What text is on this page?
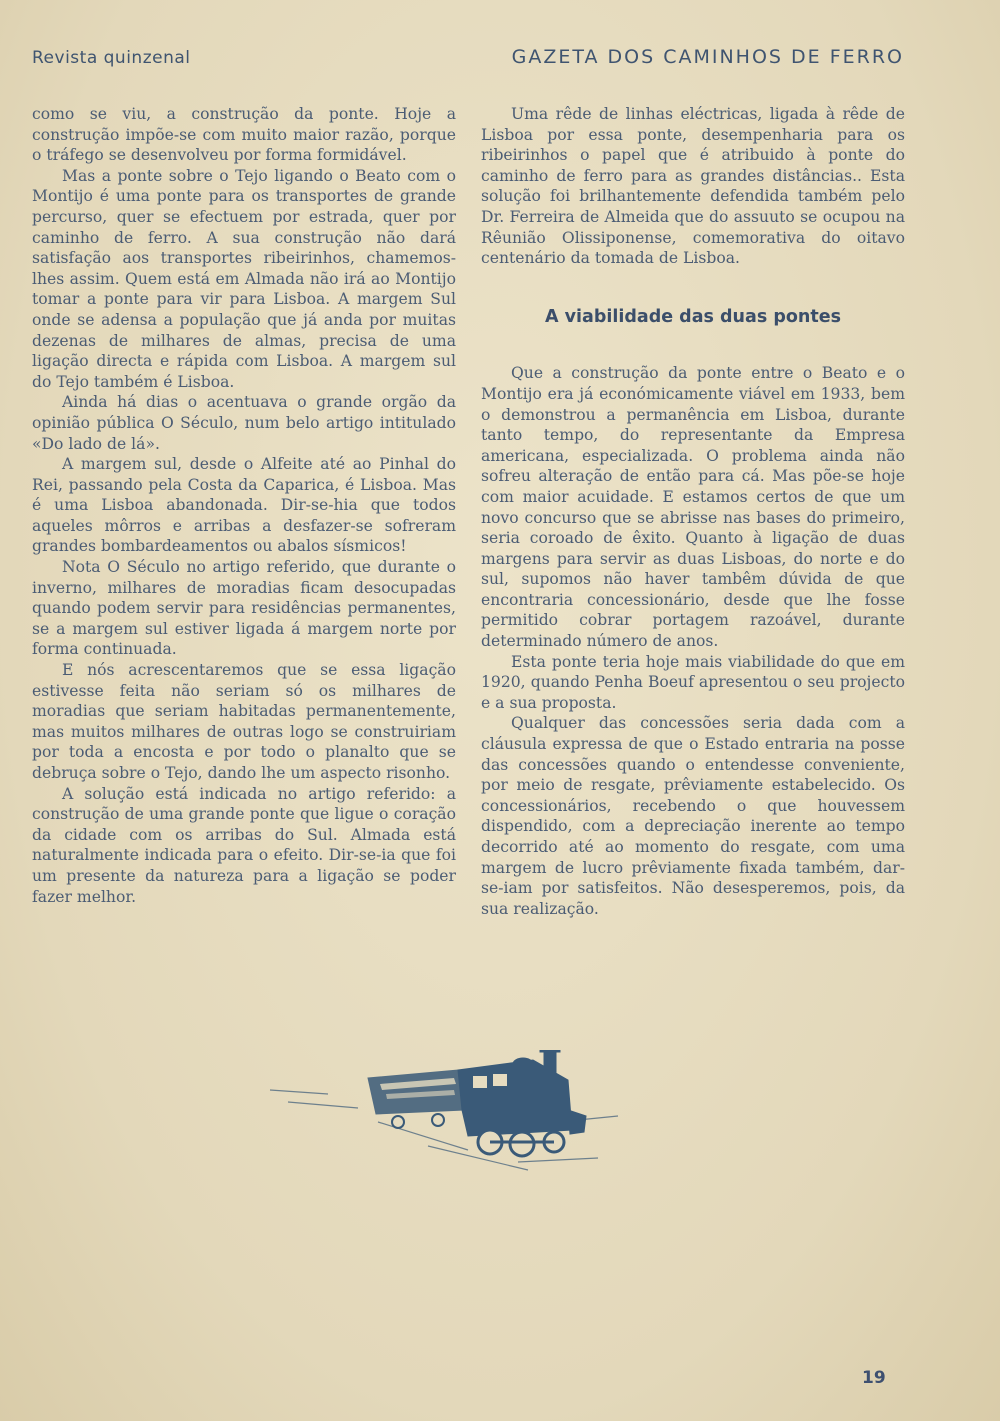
Revista quinzenal	GAZETA DOS CAMINHOS DE FERRO

como se viu, a construção da ponte. Hoje a construção impõe-se com muito maior razão, porque o tráfego se desenvolveu por forma formidável.

Mas a ponte sobre o Tejo ligando o Beato com o Montijo é uma ponte para os transportes de grande percurso, quer se efectuem por estrada, quer por caminho de ferro. A sua construção não dará satisfação aos transportes ribeirinhos, chamemos-lhes assim. Quem está em Almada não irá ao Montijo tomar a ponte para vir para Lisboa. A margem Sul onde se adensa a população que já anda por muitas dezenas de milhares de almas, precisa de uma ligação directa e rápida com Lisboa. A margem sul do Tejo também é Lisboa.

Ainda há dias o acentuava o grande orgão da opinião pública O Século, num belo artigo intitulado «Do lado de lá».

A margem sul, desde o Alfeite até ao Pinhal do Rei, passando pela Costa da Caparica, é Lisboa. Mas é uma Lisboa abandonada. Dir-se-hia que todos aqueles môrros e arribas a desfazer-se sofreram grandes bombardeamentos ou abalos sísmicos!

Nota O Século no artigo referido, que durante o inverno, milhares de moradias ficam desocupadas quando podem servir para residências permanentes, se a margem sul estiver ligada á margem norte por forma continuada.

E nós acrescentaremos que se essa ligação estivesse feita não seriam só os milhares de moradias que seriam habitadas permanentemente, mas muitos milhares de outras logo se construiriam por toda a encosta e por todo o planalto que se debruça sobre o Tejo, dando lhe um aspecto risonho.

A solução está indicada no artigo referido: a construção de uma grande ponte que ligue o coração da cidade com os arribas do Sul. Almada está naturalmente indicada para o efeito. Dir-se-ia que foi um presente da natureza para a ligação se poder fazer melhor.

Uma rêde de linhas eléctricas, ligada à rêde de Lisboa por essa ponte, desempenharia para os ribeirinhos o papel que é atribuido à ponte do caminho de ferro para as grandes distâncias.. Esta solução foi brilhantemente defendida também pelo Dr. Ferreira de Almeida que do assuuto se ocupou na Rêunião Olissiponense, comemorativa do oitavo centenário da tomada de Lisboa.

A viabilidade das duas pontes

Que a construção da ponte entre o Beato e o Montijo era já económicamente viável em 1933, bem o demonstrou a permanência em Lisboa, durante tanto tempo, do representante da Empresa americana, especializada. O problema ainda não sofreu alteração de então para cá. Mas põe-se hoje com maior acuidade. E estamos certos de que um novo concurso que se abrisse nas bases do primeiro, seria coroado de êxito. Quanto à ligação de duas margens para servir as duas Lisboas, do norte e do sul, supomos não haver tambêm dúvida de que encontraria concessionário, desde que lhe fosse permitido cobrar portagem razoável, durante determinado número de anos.

Esta ponte teria hoje mais viabilidade do que em 1920, quando Penha Boeuf apresentou o seu projecto e a sua proposta.

Qualquer das concessões seria dada com a cláusula expressa de que o Estado entraria na posse das concessões quando o entendesse conveniente, por meio de resgate, prêviamente estabelecido. Os concessionários, recebendo o que houvessem dispendido, com a depreciação inerente ao tempo decorrido até ao momento do resgate, com uma margem de lucro prêviamente fixada também, dar-se-iam por satisfeitos. Não desesperemos, pois, da sua realização.

19
